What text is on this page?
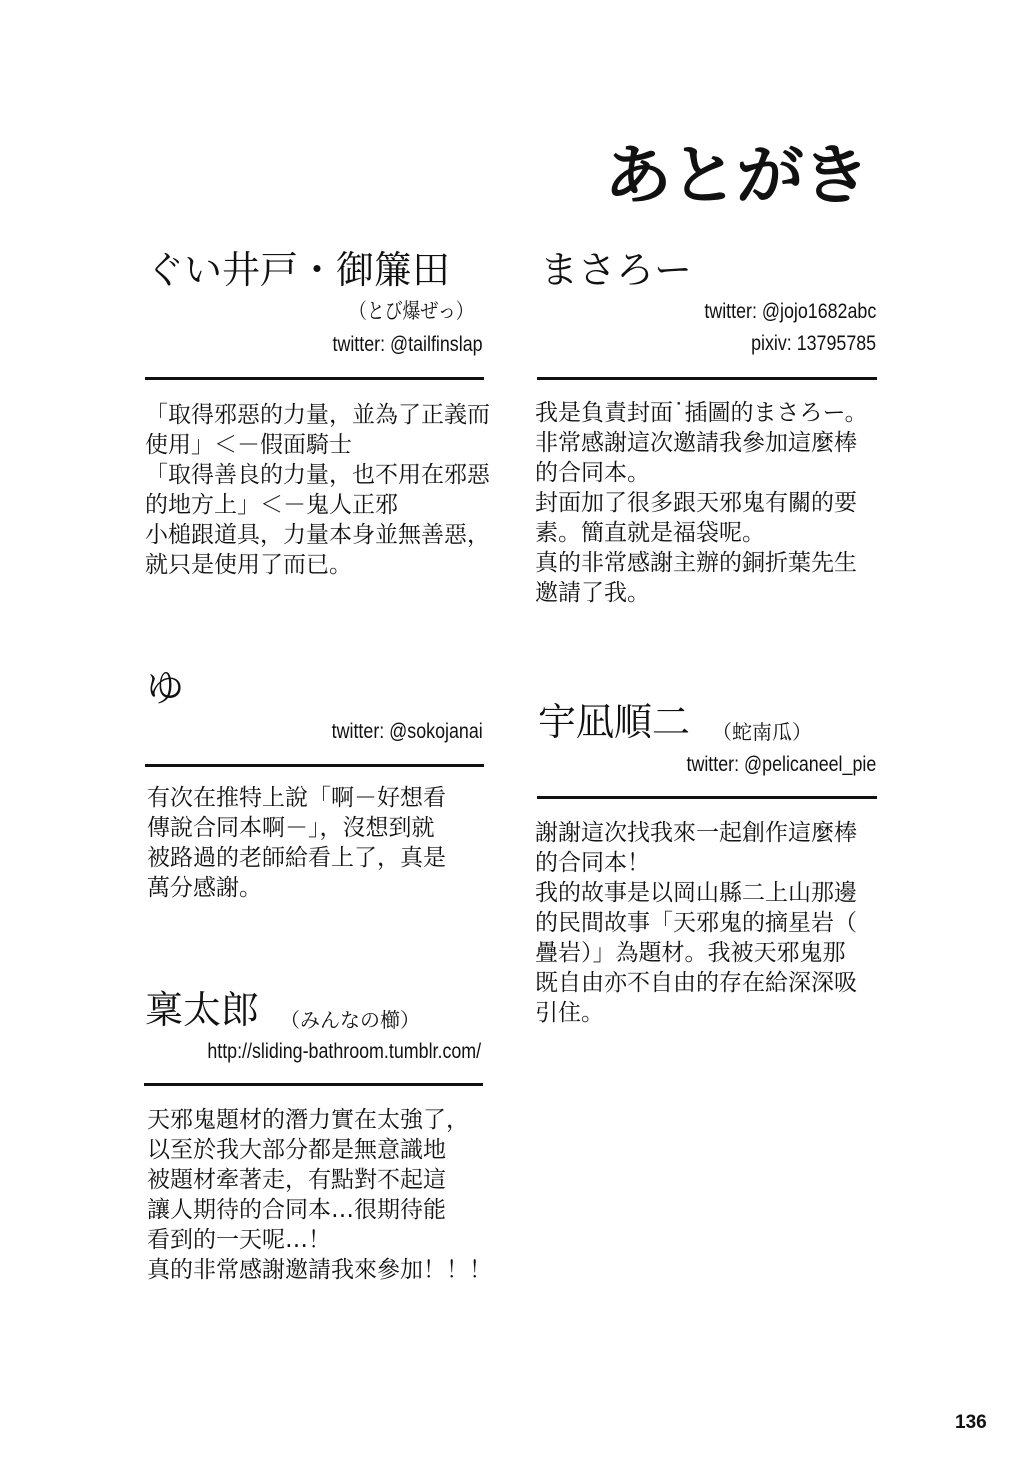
あとがき
ぐい井戸・御簾田
（とび爆ぜっ）
twitter: @tailfinslap
「取得邪惡的力量，並為了正義而
使用」＜－假面騎士
「取得善良的力量，也不用在邪惡
的地方上」＜－鬼人正邪
小槌跟道具，力量本身並無善惡，
就只是使用了而已。
まさろー
twitter: @jojo1682abc
pixiv: 13795785
我是負責封面˙插圖的まさろー。
非常感謝這次邀請我參加這麼棒
的合同本。
封面加了很多跟天邪鬼有關的要
素。簡直就是福袋呢。
真的非常感謝主辦的銅折葉先生
邀請了我。
ゆ
twitter: @sokojanai
有次在推特上說「啊－好想看
傳說合同本啊－」，沒想到就
被路過的老師給看上了，真是
萬分感謝。
宇凪順二 （蛇南瓜）
twitter: @pelicaneel_pie
謝謝這次找我來一起創作這麼棒
的合同本！
我的故事是以岡山縣二上山那邊
的民間故事「天邪鬼的摘星岩（
疊岩）」為題材。我被天邪鬼那
既自由亦不自由的存在給深深吸
引住。
稟太郎 （みんなの櫛）
http://sliding-bathroom.tumblr.com/
天邪鬼題材的潛力實在太強了，
以至於我大部分都是無意識地
被題材牽著走，有點對不起這
讓人期待的合同本…很期待能
看到的一天呢…！
真的非常感謝邀請我來參加！！！
136
